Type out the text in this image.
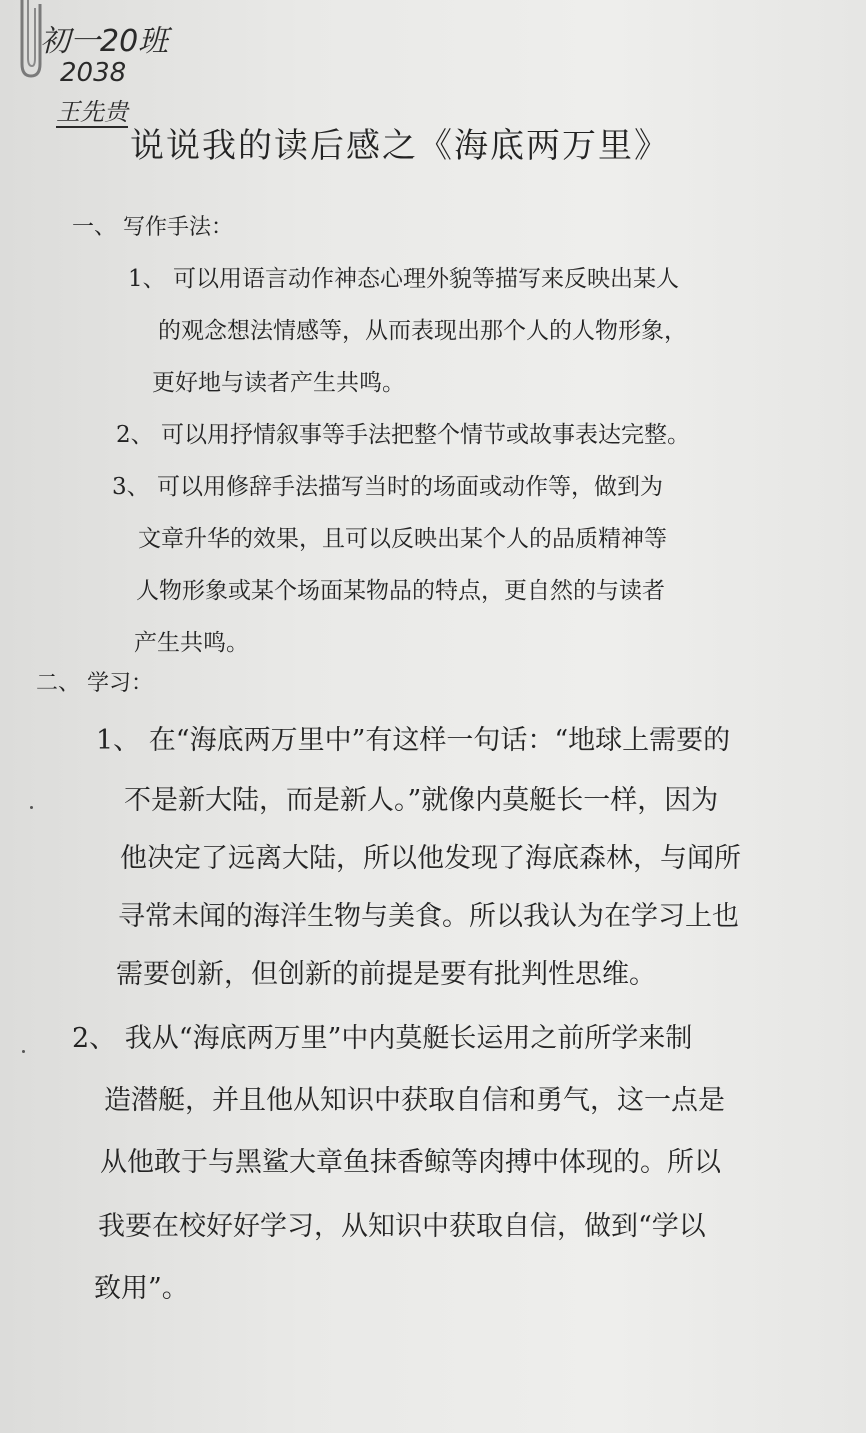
初一20班
2038
王先贵
说说我的读后感之《海底两万里》
一、 写作手法：
1、 可以用语言动作神态心理外貌等描写来反映出某人
的观念想法情感等，从而表现出那个人的人物形象，
更好地与读者产生共鸣。
2、 可以用抒情叙事等手法把整个情节或故事表达完整。
3、 可以用修辞手法描写当时的场面或动作等，做到为
文章升华的效果，且可以反映出某个人的品质精神等
人物形象或某个场面某物品的特点，更自然的与读者
产生共鸣。
二、 学习：
1、 在“海底两万里中”有这样一句话：“地球上需要的
不是新大陆，而是新人。”就像内莫艇长一样，因为
他决定了远离大陆，所以他发现了海底森林，与闻所
寻常未闻的海洋生物与美食。所以我认为在学习上也
需要创新，但创新的前提是要有批判性思维。
2、 我从“海底两万里”中内莫艇长运用之前所学来制
造潜艇，并且他从知识中获取自信和勇气，这一点是
从他敢于与黑鲨大章鱼抹香鲸等肉搏中体现的。所以
我要在校好好学习，从知识中获取自信，做到“学以
致用”。
